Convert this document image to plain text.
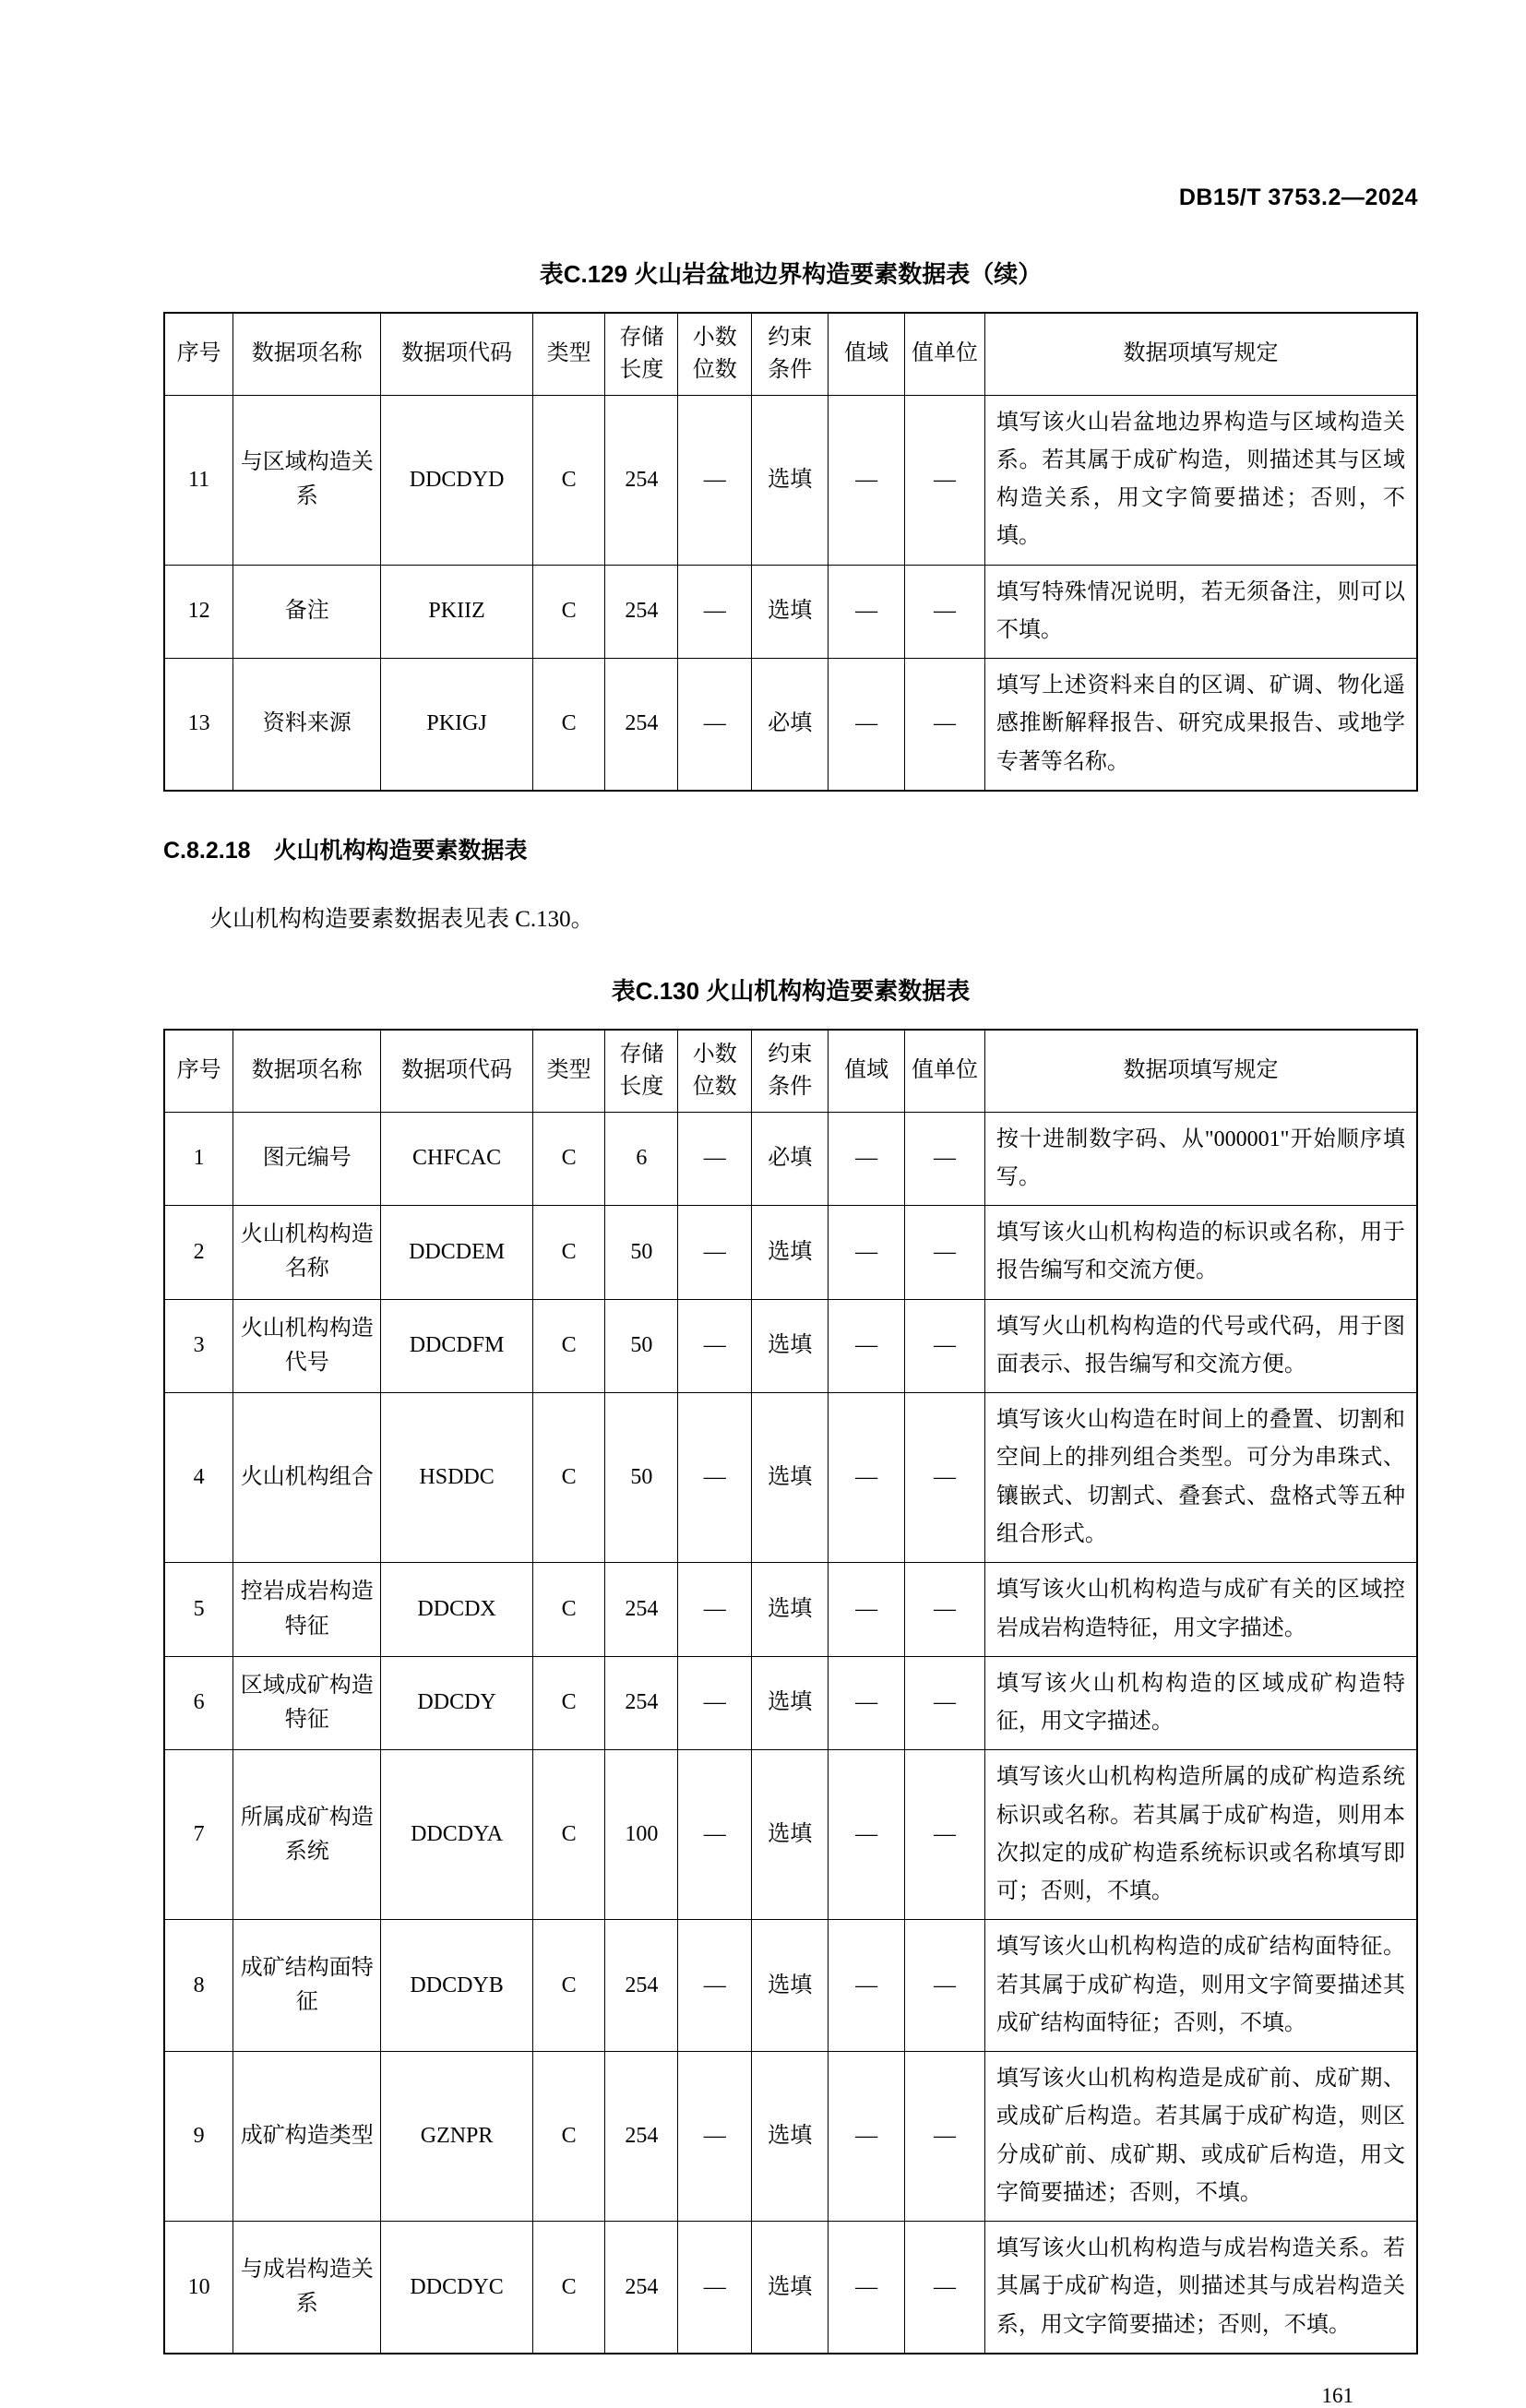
DB15/T 3753.2—2024
表C.129 火山岩盆地边界构造要素数据表（续）
序号	数据项名称	数据项代码	类型	存储长度	小数位数	约束条件	值域	值单位	数据项填写规定
11	与区域构造关系	DDCDYD	C	254	—	选填	—	—	填写该火山岩盆地边界构造与区域构造关系。若其属于成矿构造，则描述其与区域构造关系，用文字简要描述；否则，不填。
12	备注	PKIIZ	C	254	—	选填	—	—	填写特殊情况说明，若无须备注，则可以不填。
13	资料来源	PKIGJ	C	254	—	必填	—	—	填写上述资料来自的区调、矿调、物化遥感推断解释报告、研究成果报告、或地学专著等名称。
C.8.2.18　火山机构构造要素数据表
火山机构构造要素数据表见表 C.130。
表C.130 火山机构构造要素数据表
序号	数据项名称	数据项代码	类型	存储长度	小数位数	约束条件	值域	值单位	数据项填写规定
1	图元编号	CHFCAC	C	6	—	必填	—	—	按十进制数字码、从"000001"开始顺序填写。
2	火山机构构造名称	DDCDEM	C	50	—	选填	—	—	填写该火山机构构造的标识或名称，用于报告编写和交流方便。
3	火山机构构造代号	DDCDFM	C	50	—	选填	—	—	填写火山机构构造的代号或代码，用于图面表示、报告编写和交流方便。
4	火山机构组合	HSDDC	C	50	—	选填	—	—	填写该火山构造在时间上的叠置、切割和空间上的排列组合类型。可分为串珠式、镶嵌式、切割式、叠套式、盘格式等五种组合形式。
5	控岩成岩构造特征	DDCDX	C	254	—	选填	—	—	填写该火山机构构造与成矿有关的区域控岩成岩构造特征，用文字描述。
6	区域成矿构造特征	DDCDY	C	254	—	选填	—	—	填写该火山机构构造的区域成矿构造特征，用文字描述。
7	所属成矿构造系统	DDCDYA	C	100	—	选填	—	—	填写该火山机构构造所属的成矿构造系统标识或名称。若其属于成矿构造，则用本次拟定的成矿构造系统标识或名称填写即可；否则，不填。
8	成矿结构面特征	DDCDYB	C	254	—	选填	—	—	填写该火山机构构造的成矿结构面特征。若其属于成矿构造，则用文字简要描述其成矿结构面特征；否则，不填。
9	成矿构造类型	GZNPR	C	254	—	选填	—	—	填写该火山机构构造是成矿前、成矿期、或成矿后构造。若其属于成矿构造，则区分成矿前、成矿期、或成矿后构造，用文字简要描述；否则，不填。
10	与成岩构造关系	DDCDYC	C	254	—	选填	—	—	填写该火山机构构造与成岩构造关系。若其属于成矿构造，则描述其与成岩构造关系，用文字简要描述；否则，不填。
161
